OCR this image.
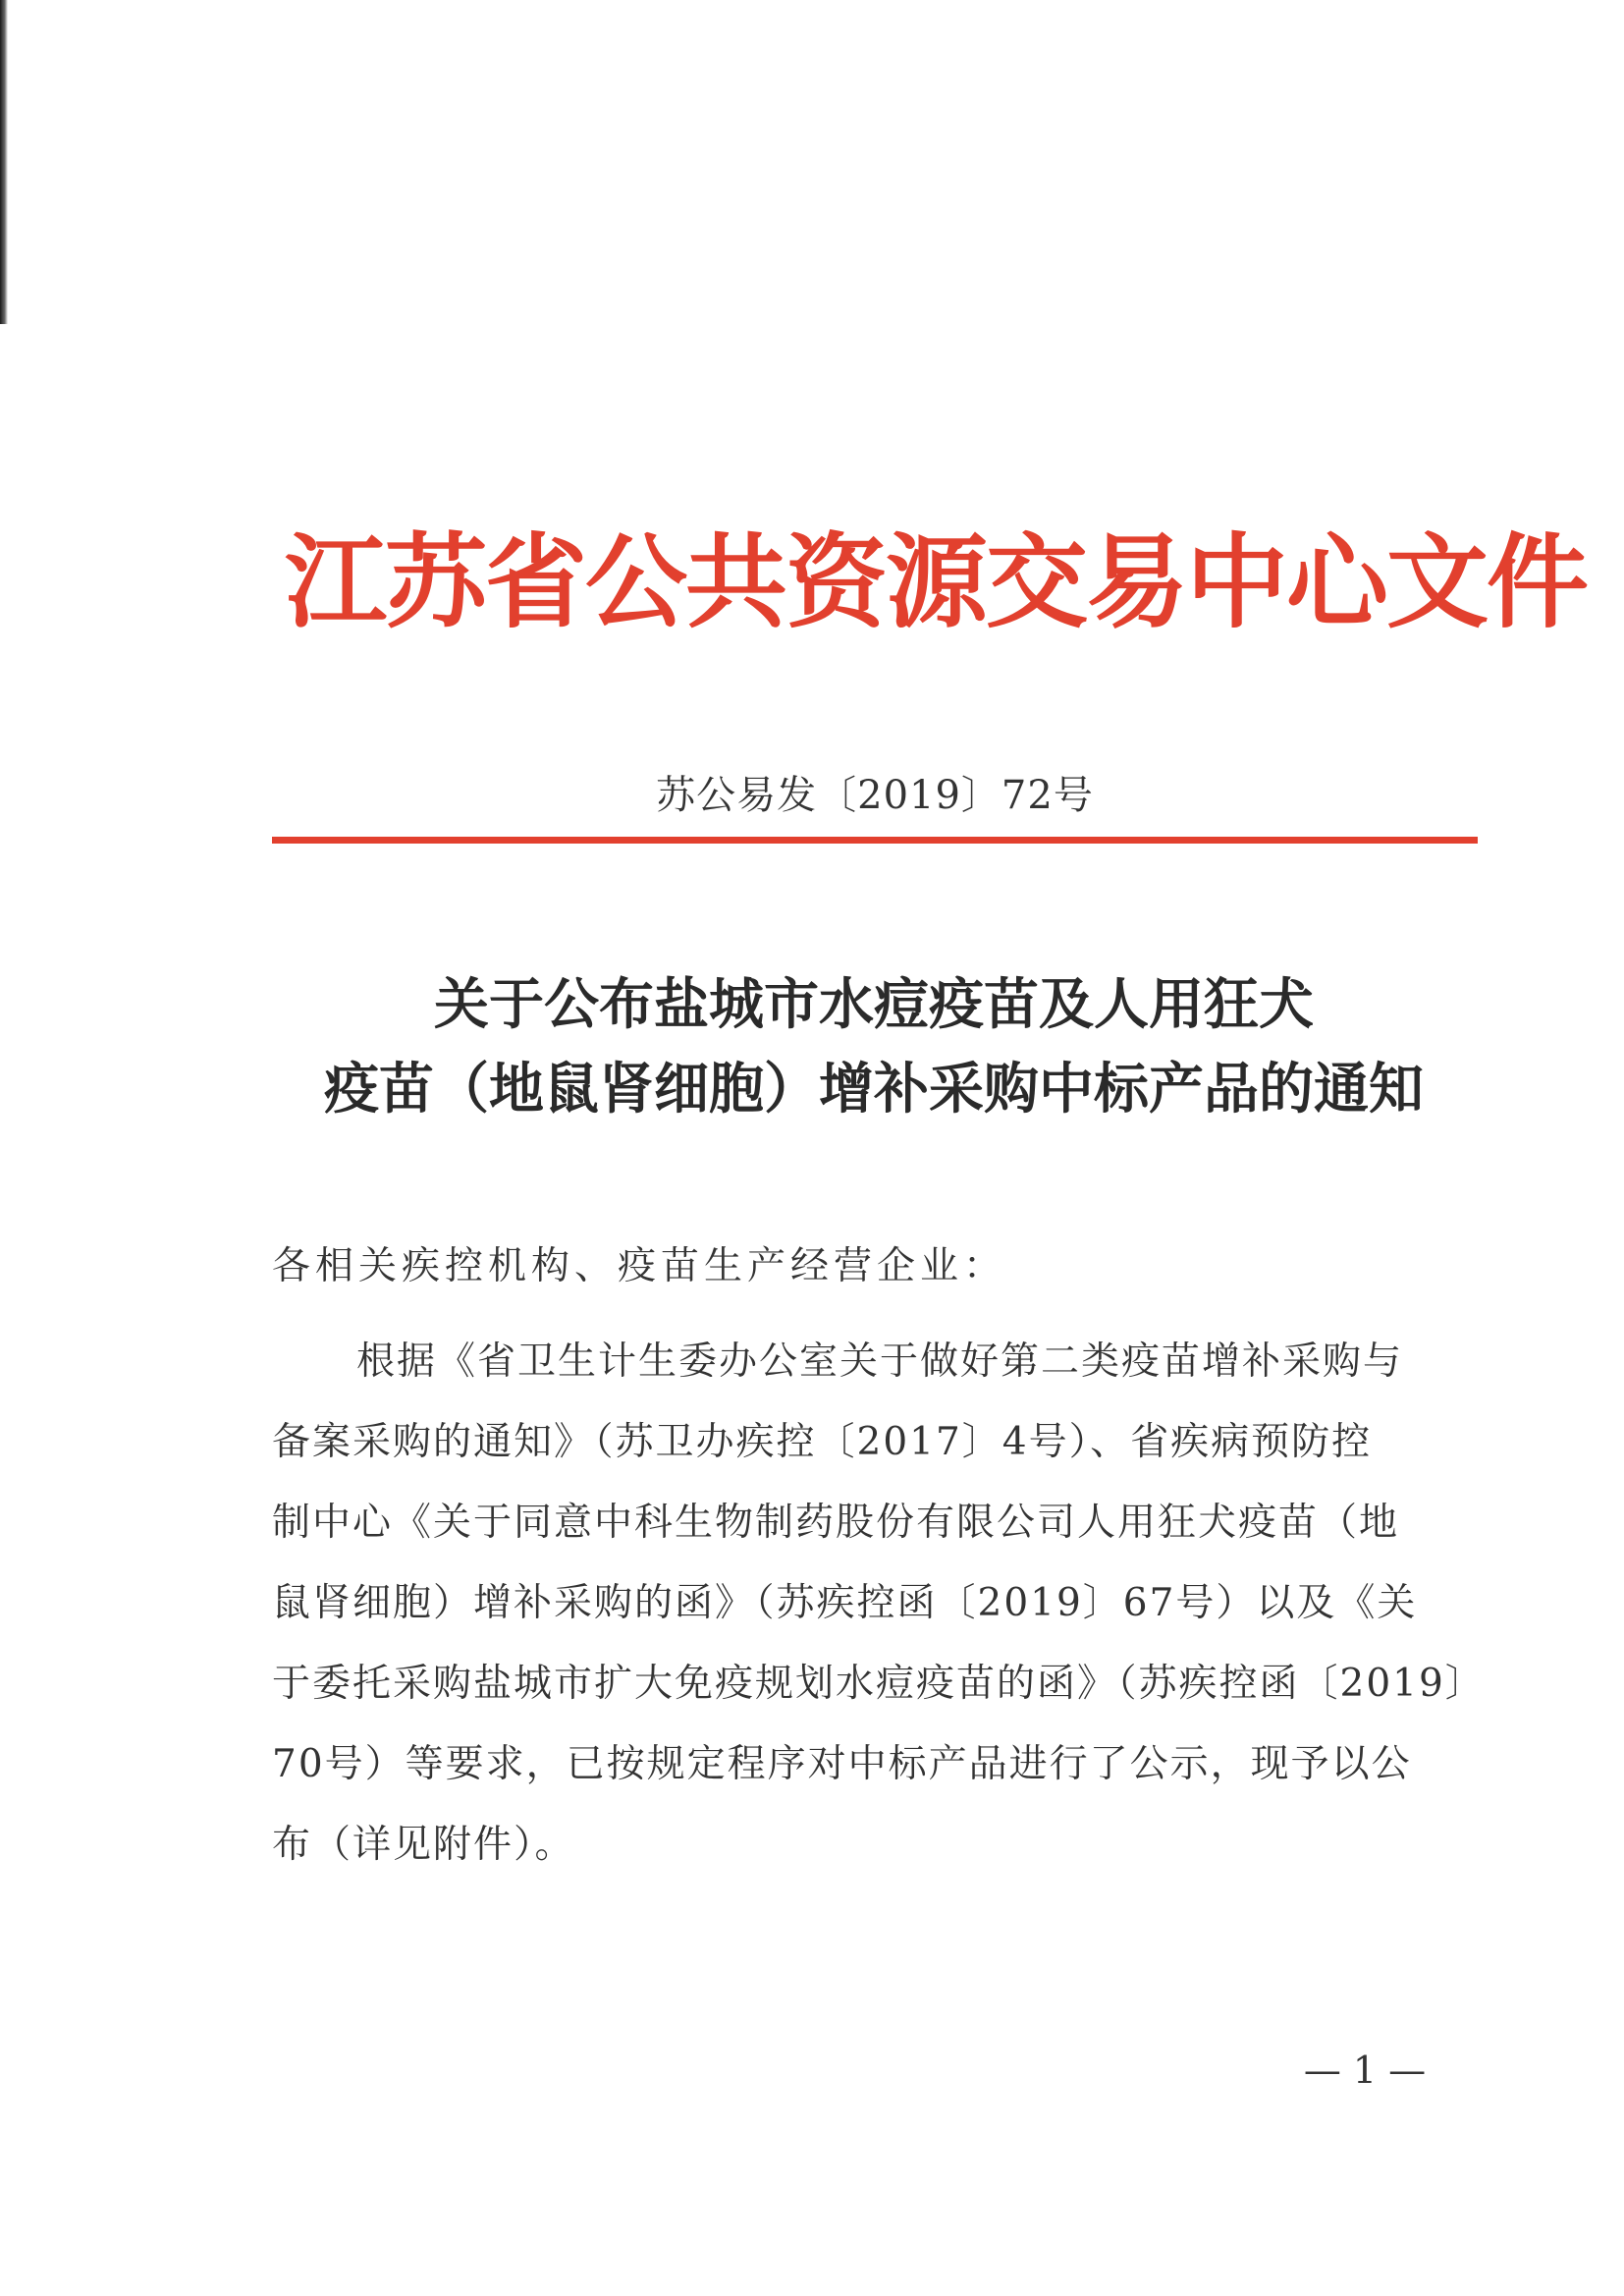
江苏省公共资源交易中心文件
苏公易发〔2019〕72号
关于公布盐城市水痘疫苗及人用狂犬
疫苗（地鼠肾细胞）增补采购中标产品的通知
各相关疾控机构、疫苗生产经营企业：
根据《省卫生计生委办公室关于做好第二类疫苗增补采购与
备案采购的通知》（苏卫办疾控〔2017〕4号）、省疾病预防控
制中心《关于同意中科生物制药股份有限公司人用狂犬疫苗（地
鼠肾细胞）增补采购的函》（苏疾控函〔2019〕67号）以及《关
于委托采购盐城市扩大免疫规划水痘疫苗的函》（苏疾控函〔2019〕
70号）等要求，已按规定程序对中标产品进行了公示，现予以公
布（详见附件）。
— 1 —
